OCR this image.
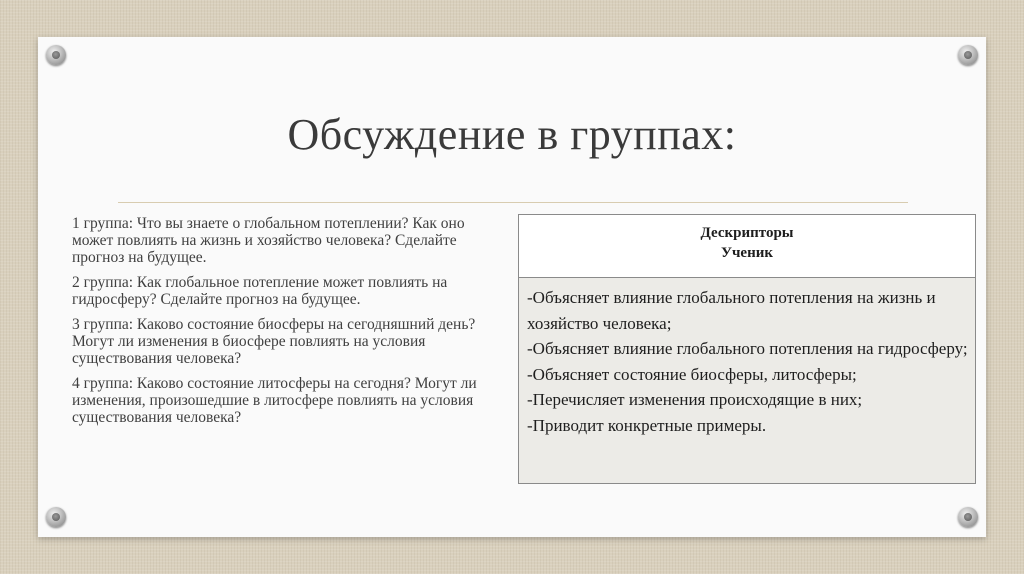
Обсуждение в группах:

1 группа: Что вы знаете о глобальном потеплении? Как оно может повлиять на жизнь и хозяйство человека? Сделайте прогноз на будущее.

2 группа: Как глобальное потепление может повлиять на гидросферу? Сделайте прогноз на будущее.

3 группа: Каково состояние биосферы на сегодняшний день? Могут ли изменения в биосфере повлиять на условия существования человека?

4 группа: Каково состояние литосферы на сегодня? Могут ли изменения, произошедшие в литосфере повлиять на условия существования человека?

Дескрипторы
Ученик
-Объясняет влияние глобального потепления на жизнь и хозяйство человека;
-Объясняет влияние глобального потепления на гидросферу;
-Объясняет состояние биосферы, литосферы;
-Перечисляет изменения происходящие в них;
-Приводит конкретные примеры.
